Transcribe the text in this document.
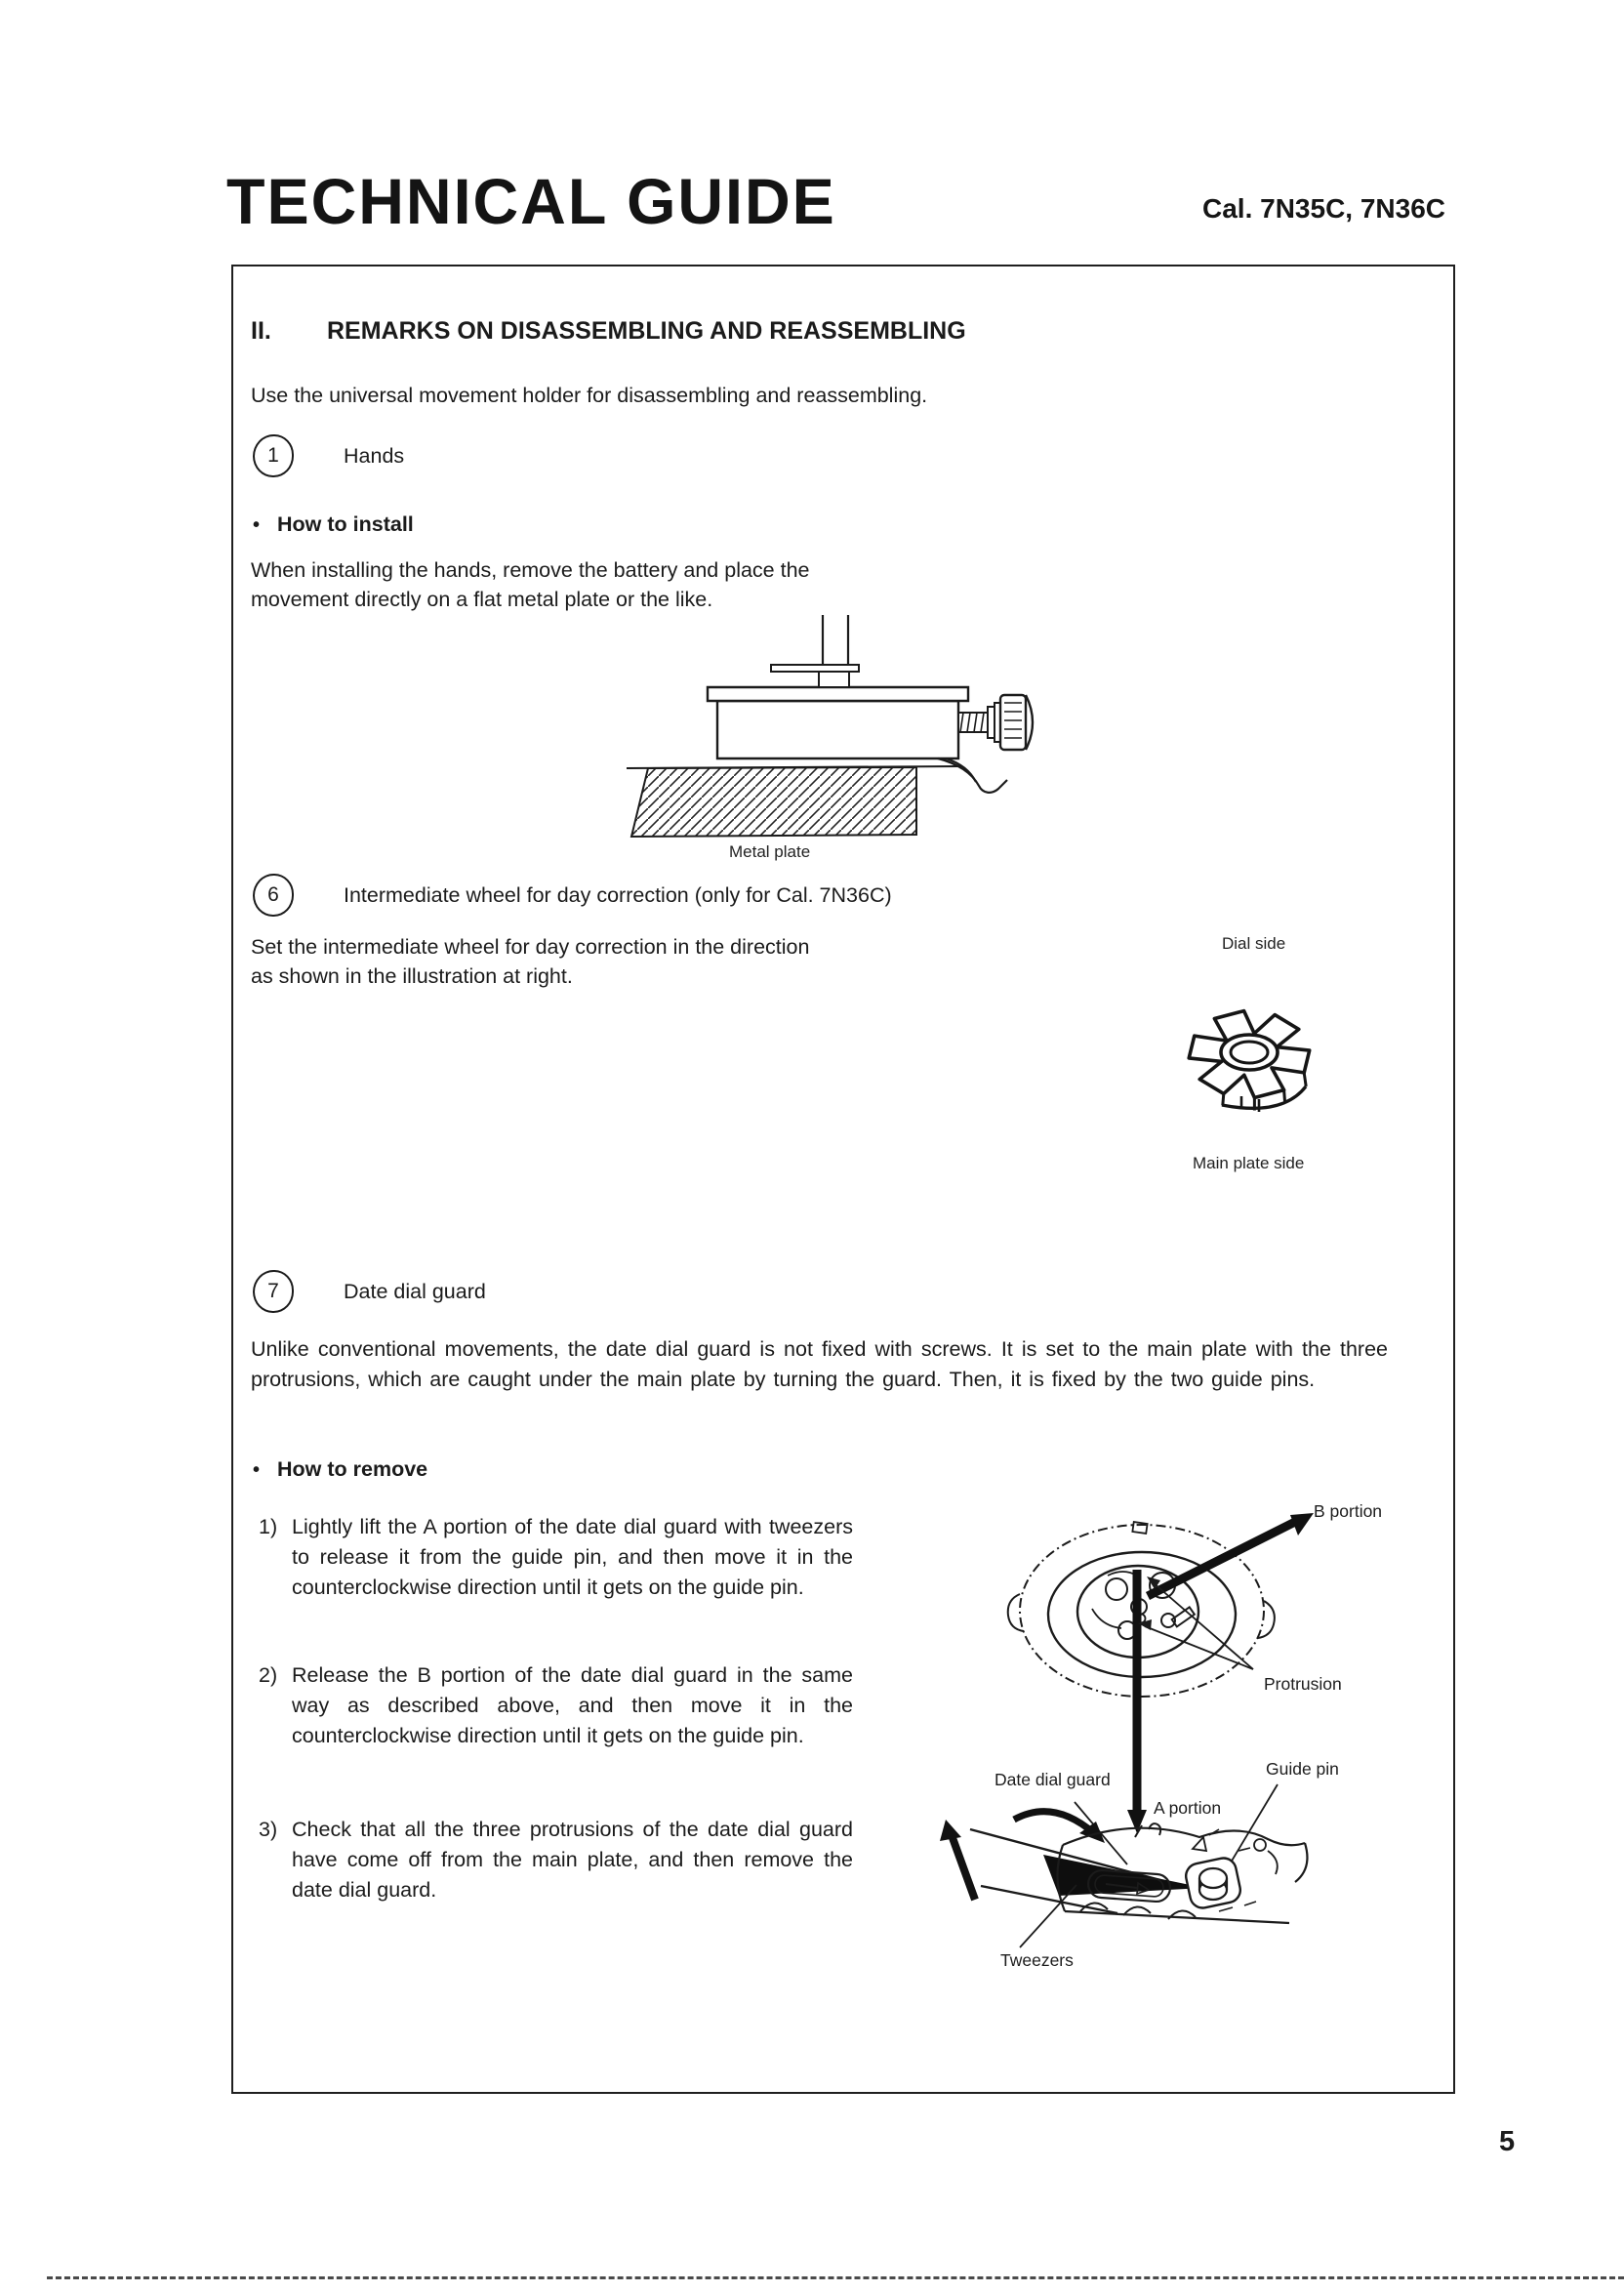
TECHNICAL GUIDE	Cal. 7N35C, 7N36C
II. REMARKS ON DISASSEMBLING AND REASSEMBLING
Use the universal movement holder for disassembling and reassembling.
1	Hands
• How to install
When installing the hands, remove the battery and place the movement directly on a flat metal plate or the like.
Metal plate
6	Intermediate wheel for day correction (only for Cal. 7N36C)
Set the intermediate wheel for day correction in the direction as shown in the illustration at right.
Dial side
Main plate side
7	Date dial guard
Unlike conventional movements, the date dial guard is not fixed with screws. It is set to the main plate with the three protrusions, which are caught under the main plate by turning the guard. Then, it is fixed by the two guide pins.
• How to remove
1) Lightly lift the A portion of the date dial guard with tweezers to release it from the guide pin, and then move it in the counterclockwise direction until it gets on the guide pin.
2) Release the B portion of the date dial guard in the same way as described above, and then move it in the counterclockwise direction until it gets on the guide pin.
3) Check that all the three protrusions of the date dial guard have come off from the main plate, and then remove the date dial guard.
B portion
Protrusion
Guide pin
Date dial guard
A portion
Tweezers
5
